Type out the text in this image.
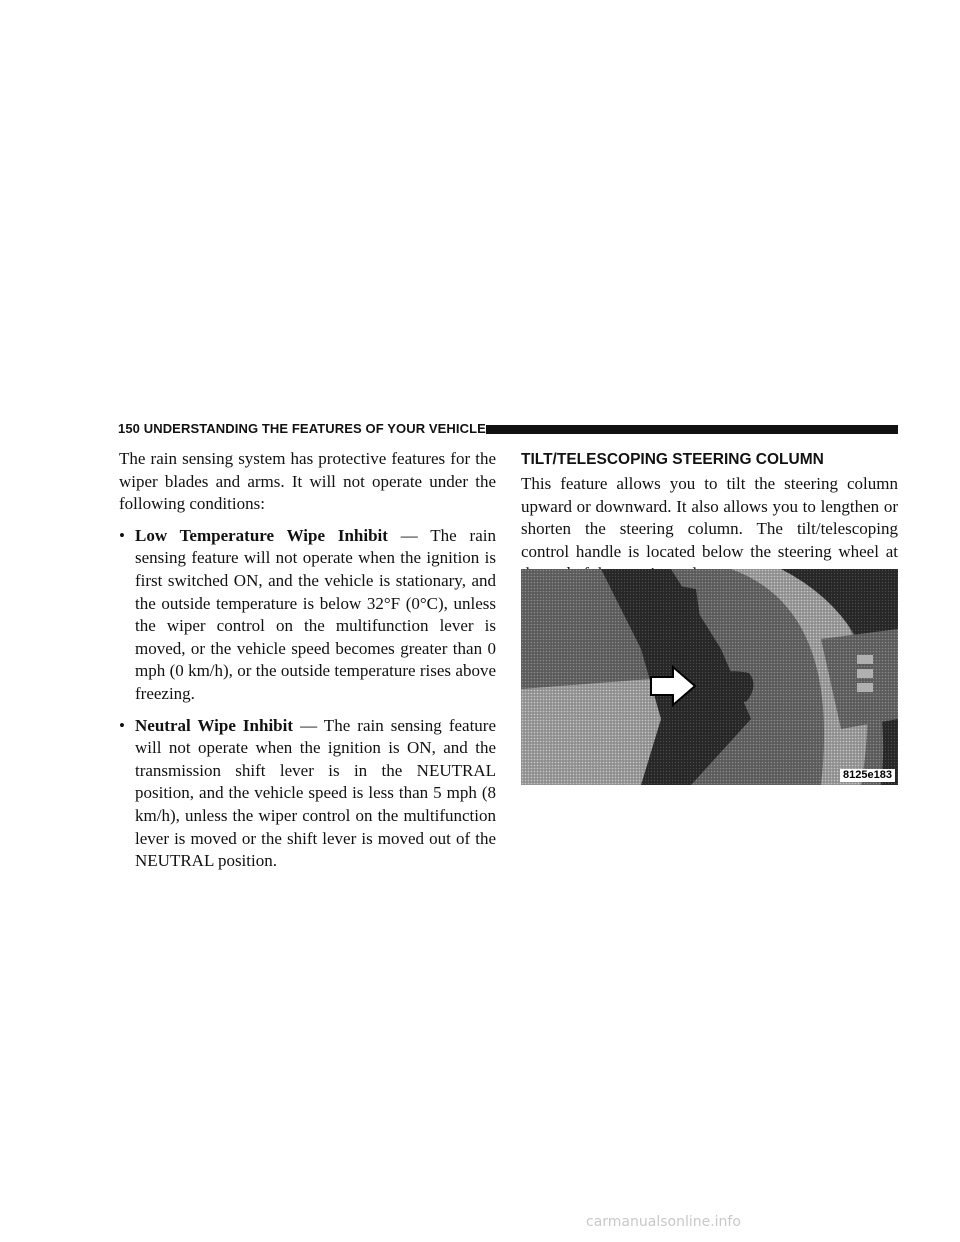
150 UNDERSTANDING THE FEATURES OF YOUR VEHICLE

The rain sensing system has protective features for the wiper blades and arms. It will not operate under the following conditions:

• Low Temperature Wipe Inhibit — The rain sensing feature will not operate when the ignition is first switched ON, and the vehicle is stationary, and the outside temperature is below 32°F (0°C), unless the wiper control on the multifunction lever is moved, or the vehicle speed becomes greater than 0 mph (0 km/h), or the outside temperature rises above freezing.
• Neutral Wipe Inhibit — The rain sensing feature will not operate when the ignition is ON, and the transmission shift lever is in the NEUTRAL position, and the vehicle speed is less than 5 mph (8 km/h), unless the wiper control on the multifunction lever is moved or the shift lever is moved out of the NEUTRAL position.
TILT/TELESCOPING STEERING COLUMN

This feature allows you to tilt the steering column upward or downward. It also allows you to lengthen or shorten the steering column. The tilt/telescoping control handle is located below the steering wheel at

8125e183
carmanualsonline.info
